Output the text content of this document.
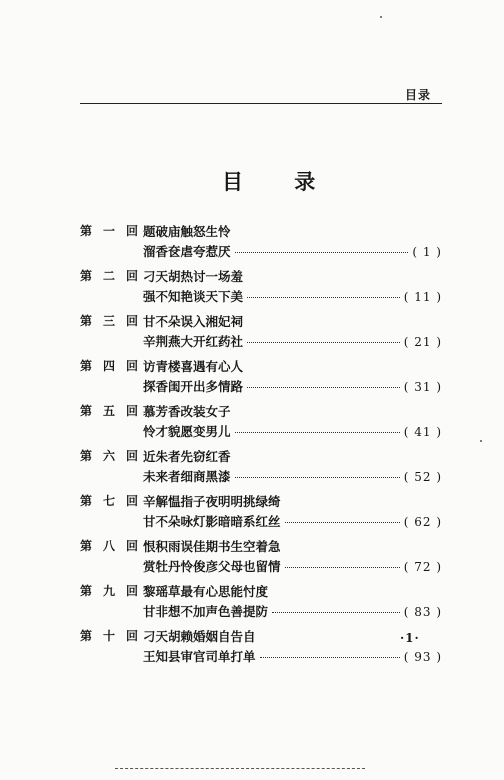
目录
目 录
第 一 回 题破庙触怒生怜
溜香奁虐夸惹厌	( 1 )
第 二 回 刁天胡热讨一场羞
强不知艳谈天下美	( 11 )
第 三 回 甘不朵误入湘妃祠
辛荆燕大开红药社	( 21 )
第 四 回 访青楼喜遇有心人
探香闺开出多情路	( 31 )
第 五 回 慕芳香改装女子
怜才貌愿变男儿	( 41 )
第 六 回 近朱者先窃红香
未来者细商黑漆	( 52 )
第 七 回 辛解愠指子夜明明挑绿绮
甘不朵咏灯影暗暗系红丝	( 62 )
第 八 回 恨积雨误佳期书生空着急
赏牡丹怜俊彦父母也留情	( 72 )
第 九 回 黎瑶草最有心思能忖度
甘非想不加声色善提防	( 83 )
第 十 回 刁天胡赖婚姻自告自
王知县审官司单打单	( 93 )
·1·
